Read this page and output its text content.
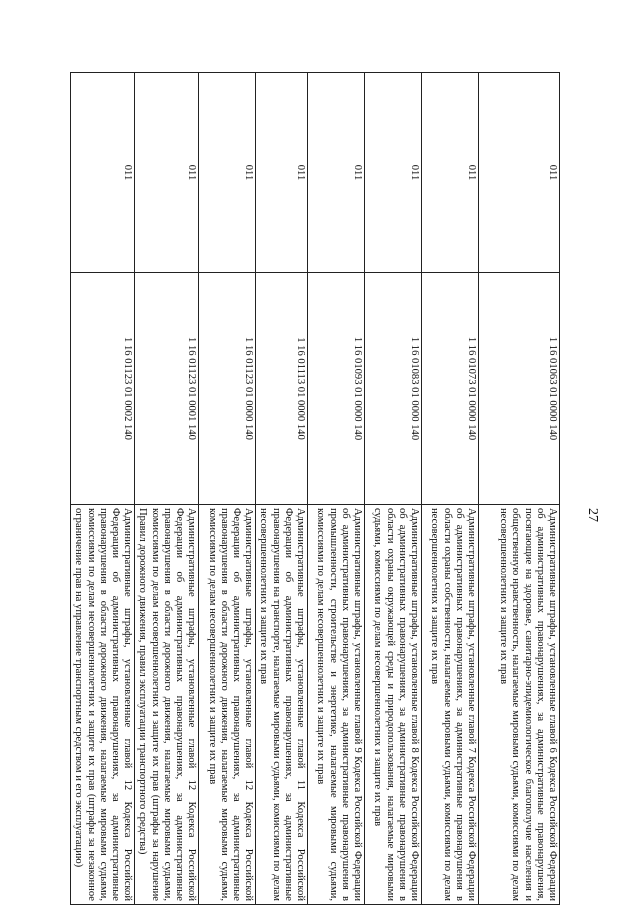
27
011	1 16 01063 01 0000 140	Административные штрафы, установленные главой 6 Кодекса Российской Федерации об административных правонарушениях, за административные правонарушения, посягающие на здоровье, санитарно-эпидемиологическое благополучие населения и общественную нравственность, налагаемые мировыми судьями, комиссиями по делам несовершеннолетних и защите их прав
011	1 16 01073 01 0000 140	Административные штрафы, установленные главой 7 Кодекса Российской Федерации об административных правонарушениях, за административные правонарушения в области охраны собственности, налагаемые мировыми судьями, комиссиями по делам несовершеннолетних и защите их прав
011	1 16 01083 01 0000 140	Административные штрафы, установленные главой 8 Кодекса Российской Федерации об административных правонарушениях, за административные правонарушения в области охраны окружающей среды и природопользования, налагаемые мировыми судьями, комиссиями по делам несовершеннолетних и защите их прав
011	1 16 01093 01 0000 140	Административные штрафы, установленные главой 9 Кодекса Российской Федерации об административных правонарушениях, за административные правонарушения в промышленности, строительстве и энергетике, налагаемые мировыми судьями, комиссиями по делам несовершеннолетних и защите их прав
011	1 16 01113 01 0000 140	Административные штрафы, установленные главой 11 Кодекса Российской Федерации об административных правонарушениях, за административные правонарушения на транспорте, налагаемые мировыми судьями, комиссиями по делам несовершеннолетних и защите их прав
011	1 16 01123 01 0000 140	Административные штрафы, установленные главой 12 Кодекса Российской Федерации об административных правонарушениях, за административные правонарушения в области дорожного движения, налагаемые мировыми судьями, комиссиями по делам несовершеннолетних и защите их прав
011	1 16 01123 01 0001 140	Административные штрафы, установленные главой 12 Кодекса Российской Федерации об административных правонарушениях, за административные правонарушения в области дорожного движения, налагаемые мировыми судьями, комиссиями по делам несовершеннолетних и защите их прав (штрафы за нарушение Правил дорожного движения, правил эксплуатации транспортного средства)
011	1 16 01123 01 0002 140	Административные штрафы, установленные главой 12 Кодекса Российской Федерации об административных правонарушениях, за административные правонарушения в области дорожного движения, налагаемые мировыми судьями, комиссиями по делам несовершеннолетних и защите их прав (штрафы за незаконное ограничение прав на управление транспортным средством и его эксплуатацию)
